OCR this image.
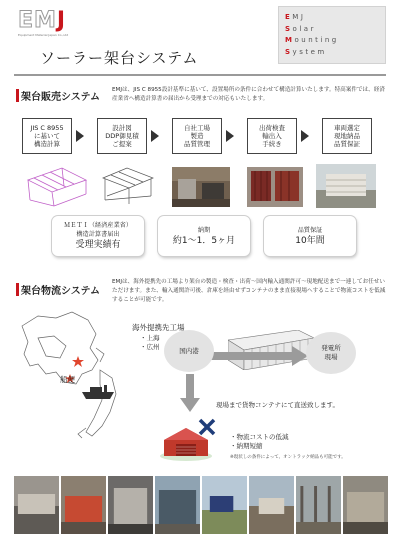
EMJ
Equipment Material Japan Co.,Ltd
EMJ
Solar
Mounting
System
ソーラー架台システム
架台販売システム
EMJは、JIS C 8955設計基準に基いて、設置場所の条件に合わせて構造計算いたします。特高案件では、経済産業省へ構造計算書の届出から受理までの対応もいたします。
JIS C 8955
に基いて
構造計算
設計図
DDP御見積
ご提案
自社工場
製造
品質管理
出荷検査
輸出入
手続き
車両選定
現地納品
品質保証
ＭＥＴＩ（経済産業省）
構造計算書届出
受理実績有
納期
約1～1．5ヶ月
品質保証
10年間
架台物流システム
EMJは、海外提携先の工場より架台の製造・検査・出荷～国内輸入通関許可～現地配送まで一連してお任せいただけます。また、輸入通関許可後、倉庫を経由せずコンテナのまま直接現場へすることで物流コストを低減することが可能です。
海外提携先工場
・上海
・広州
船便
国内港	発電所
現場
現場まで貨物コンテナにて直送致します。
・物流コストの低減
・納期短縮
※現状しの条件によって、オントラック納品も可能です。
